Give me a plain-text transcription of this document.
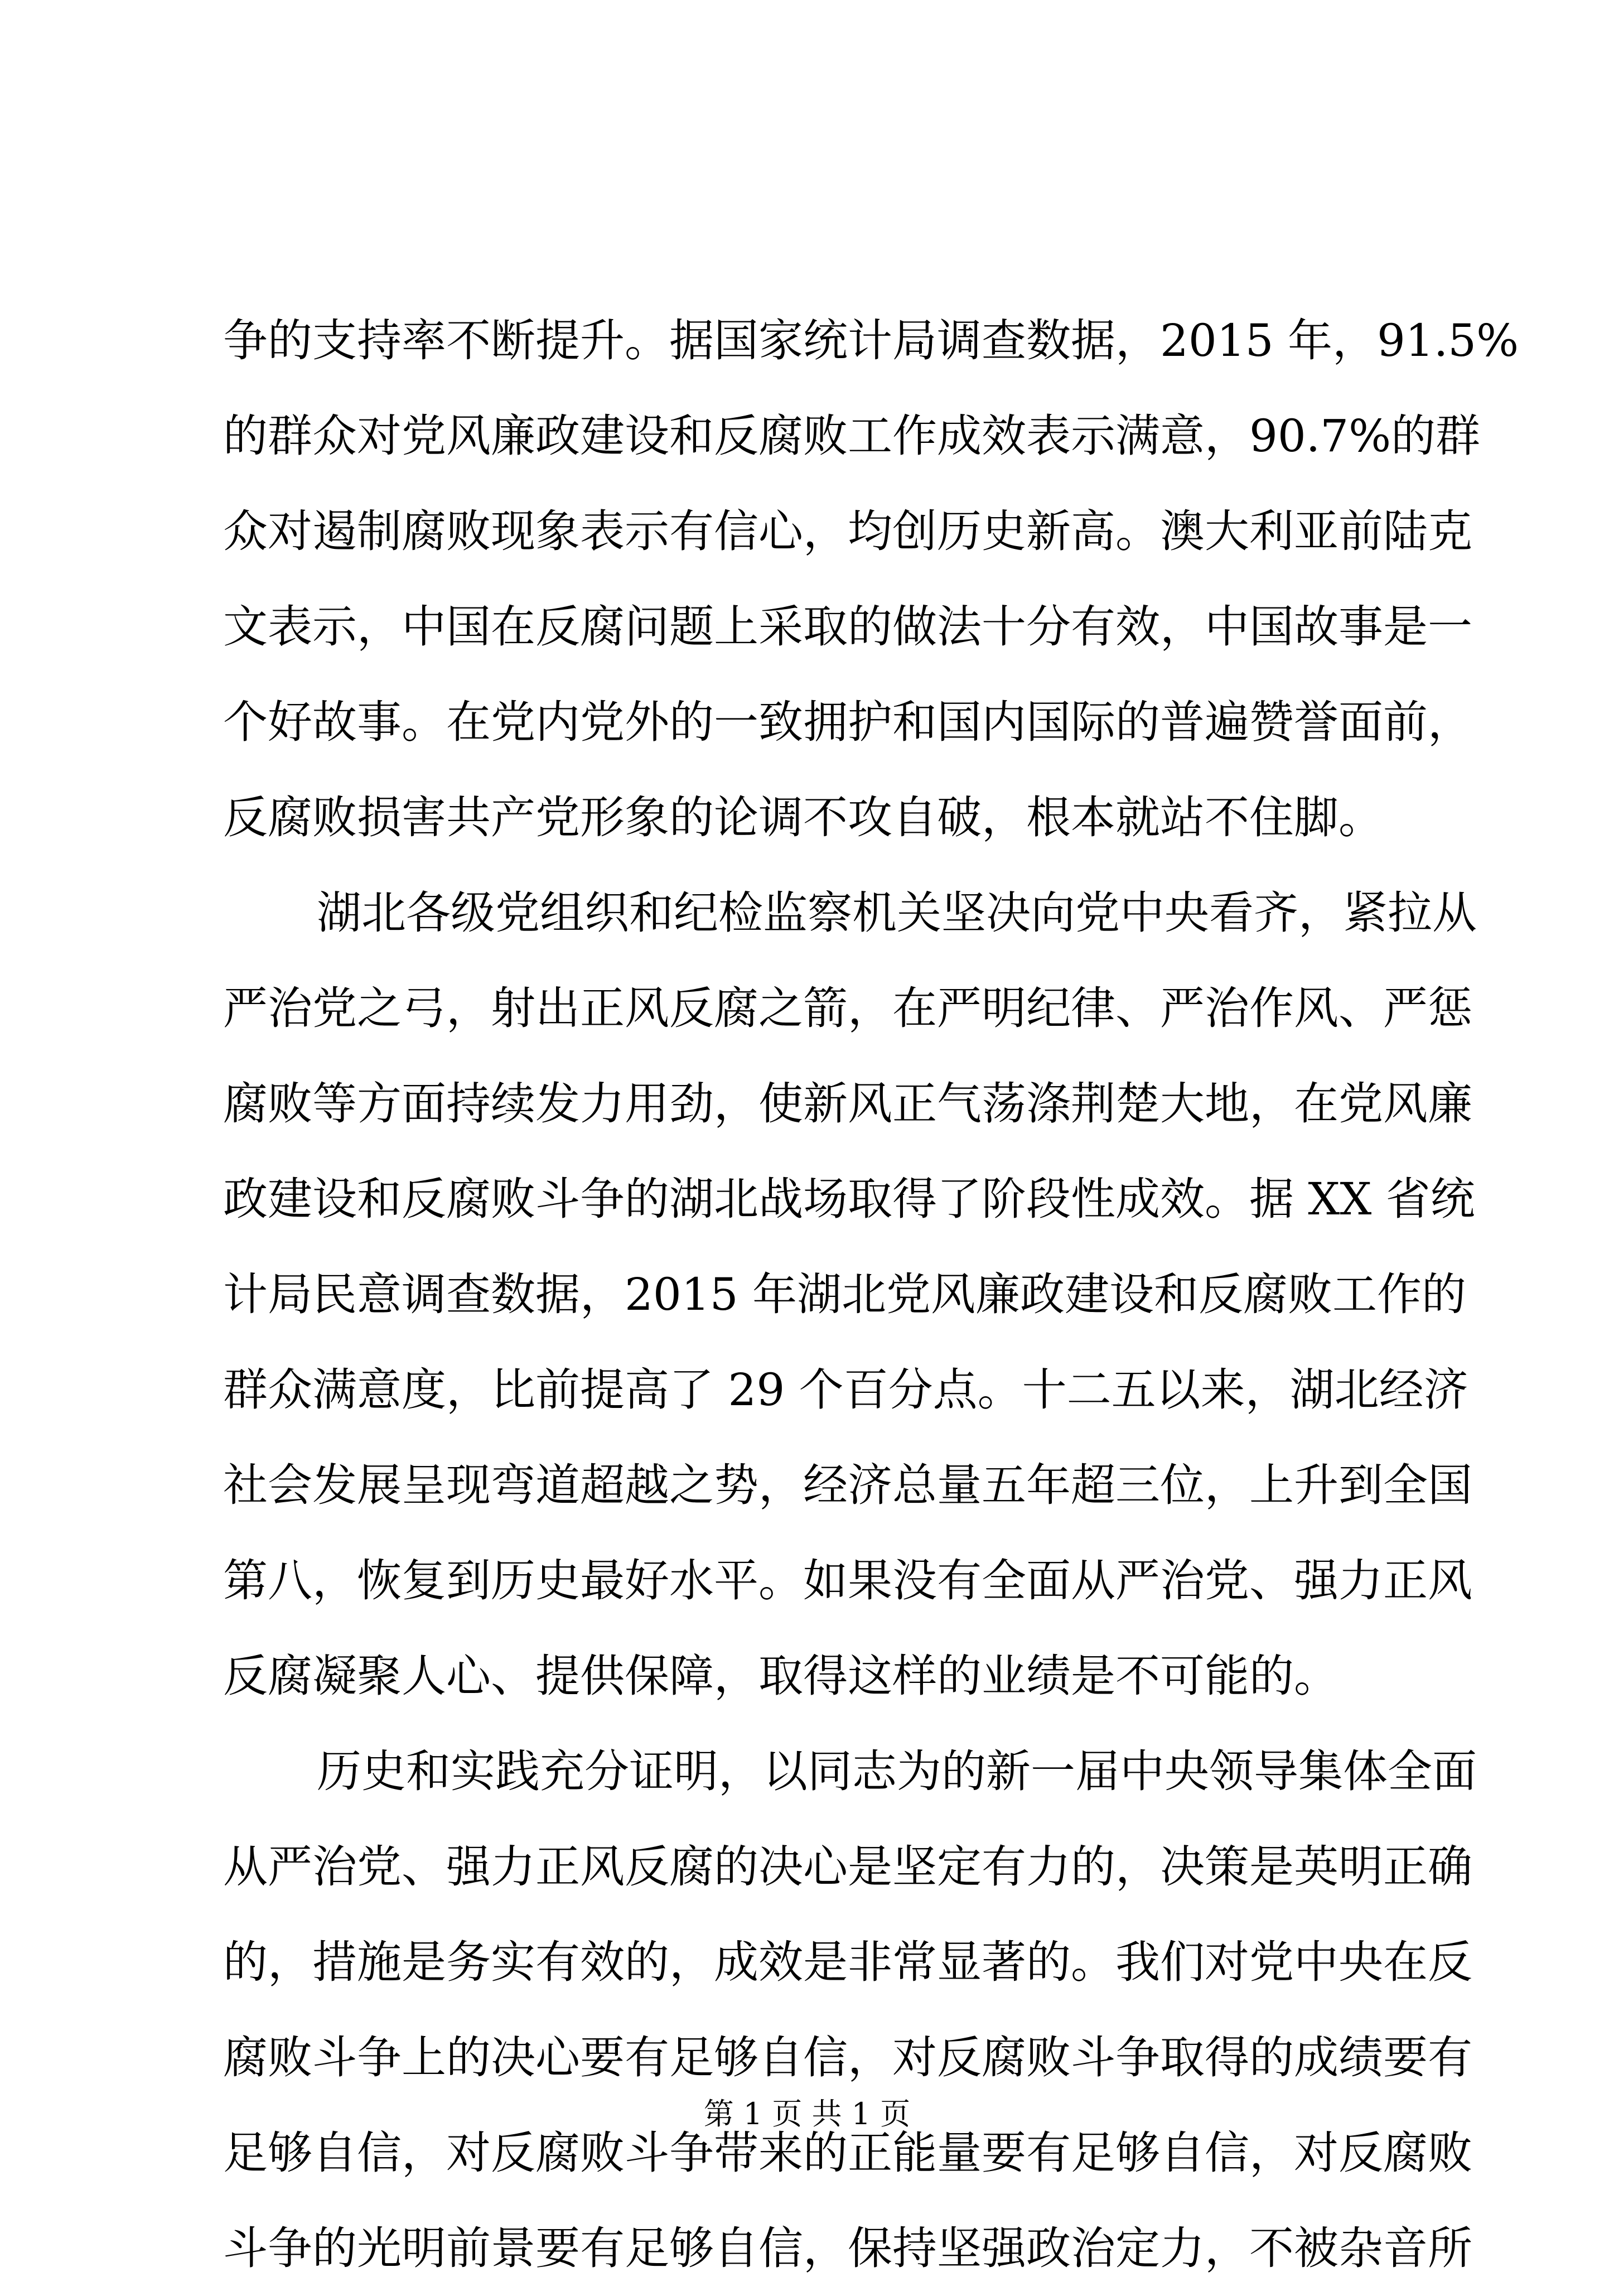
争的支持率不断提升。据国家统计局调查数据，2015 年，91.5%
的群众对党风廉政建设和反腐败工作成效表示满意，90.7%的群
众对遏制腐败现象表示有信心，均创历史新高。澳大利亚前陆克
文表示，中国在反腐问题上采取的做法十分有效，中国故事是一
个好故事。在党内党外的一致拥护和国内国际的普遍赞誉面前，
反腐败损害共产党形象的论调不攻自破，根本就站不住脚。
湖北各级党组织和纪检监察机关坚决向党中央看齐，紧拉从
严治党之弓，射出正风反腐之箭，在严明纪律、严治作风、严惩
腐败等方面持续发力用劲，使新风正气荡涤荆楚大地，在党风廉
政建设和反腐败斗争的湖北战场取得了阶段性成效。据 XX 省统
计局民意调查数据，2015 年湖北党风廉政建设和反腐败工作的
群众满意度，比前提高了 29 个百分点。十二五以来，湖北经济
社会发展呈现弯道超越之势，经济总量五年超三位，上升到全国
第八，恢复到历史最好水平。如果没有全面从严治党、强力正风
反腐凝聚人心、提供保障，取得这样的业绩是不可能的。
历史和实践充分证明，以同志为的新一届中央领导集体全面
从严治党、强力正风反腐的决心是坚定有力的，决策是英明正确
的，措施是务实有效的，成效是非常显著的。我们对党中央在反
腐败斗争上的决心要有足够自信，对反腐败斗争取得的成绩要有
足够自信，对反腐败斗争带来的正能量要有足够自信，对反腐败
斗争的光明前景要有足够自信，保持坚强政治定力，不被杂音所
第 1 页 共 1 页
